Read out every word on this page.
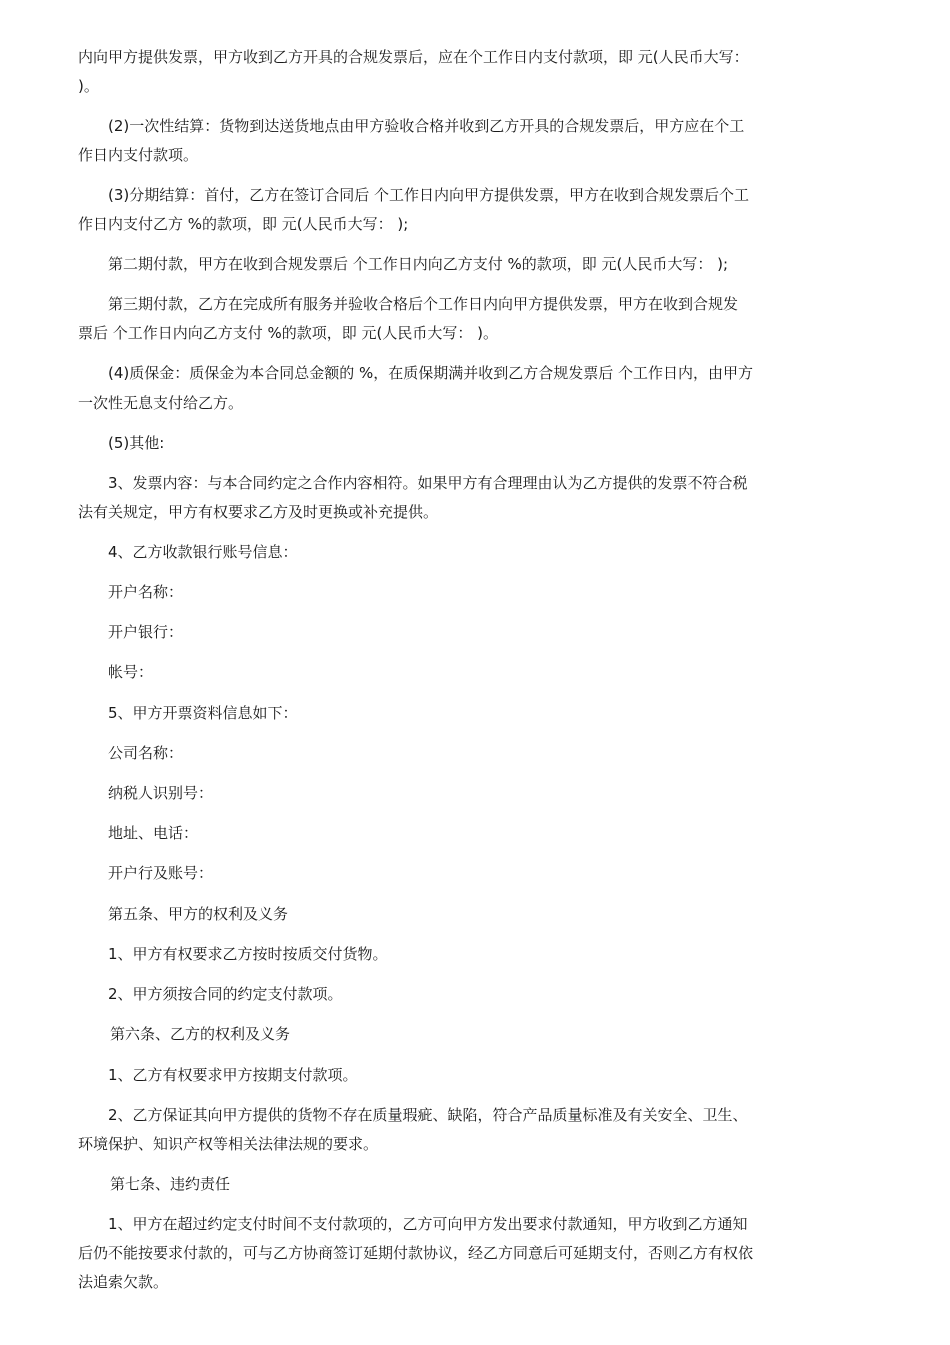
内向甲方提供发票，甲方收到乙方开具的合规发票后，应在个工作日内支付款项，即 元(人民币大写：
)。
(2)一次性结算：货物到达送货地点由甲方验收合格并收到乙方开具的合规发票后，甲方应在个工
作日内支付款项。
(3)分期结算：首付，乙方在签订合同后 个工作日内向甲方提供发票，甲方在收到合规发票后个工
作日内支付乙方 %的款项，即 元(人民币大写： );
第二期付款，甲方在收到合规发票后 个工作日内向乙方支付 %的款项，即 元(人民币大写： );
第三期付款，乙方在完成所有服务并验收合格后个工作日内向甲方提供发票，甲方在收到合规发
票后 个工作日内向乙方支付 %的款项，即 元(人民币大写： )。
(4)质保金：质保金为本合同总金额的 %，在质保期满并收到乙方合规发票后 个工作日内，由甲方
一次性无息支付给乙方。
(5)其他:
3、发票内容：与本合同约定之合作内容相符。如果甲方有合理理由认为乙方提供的发票不符合税
法有关规定，甲方有权要求乙方及时更换或补充提供。
4、乙方收款银行账号信息：
开户名称：
开户银行：
帐号：
5、甲方开票资料信息如下：
公司名称：
纳税人识别号：
地址、电话：
开户行及账号：
第五条、甲方的权利及义务
1、甲方有权要求乙方按时按质交付货物。
2、甲方须按合同的约定支付款项。
第六条、乙方的权利及义务
1、乙方有权要求甲方按期支付款项。
2、乙方保证其向甲方提供的货物不存在质量瑕疵、缺陷，符合产品质量标准及有关安全、卫生、
环境保护、知识产权等相关法律法规的要求。
第七条、违约责任
1、甲方在超过约定支付时间不支付款项的，乙方可向甲方发出要求付款通知，甲方收到乙方通知
后仍不能按要求付款的，可与乙方协商签订延期付款协议，经乙方同意后可延期支付，否则乙方有权依
法追索欠款。
